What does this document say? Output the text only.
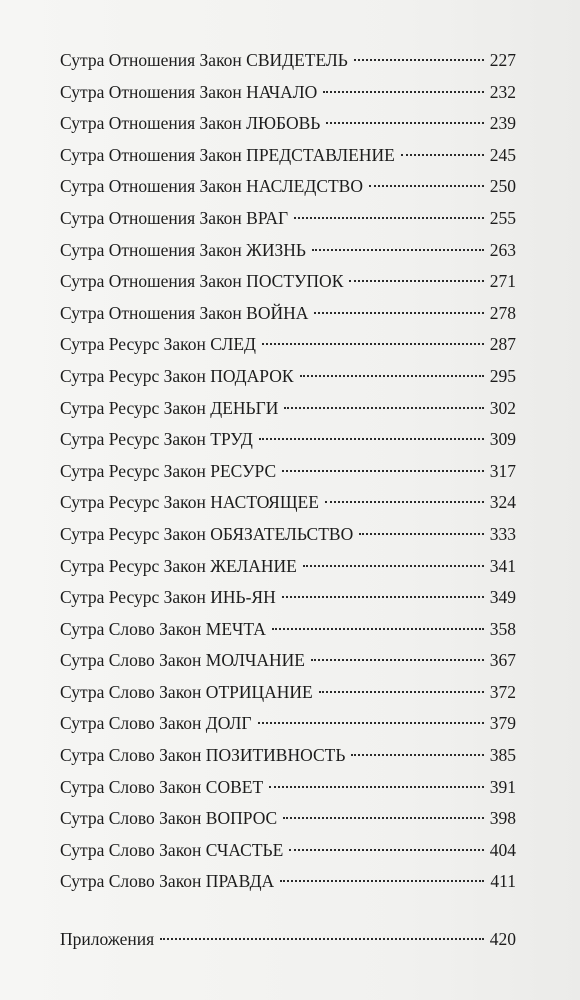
Сутра Отношения Закон СВИДЕТЕЛЬ	227
Сутра Отношения Закон НАЧАЛО	232
Сутра Отношения Закон ЛЮБОВЬ	239
Сутра Отношения Закон ПРЕДСТАВЛЕНИЕ	245
Сутра Отношения Закон НАСЛЕДСТВО	250
Сутра Отношения Закон ВРАГ	255
Сутра Отношения Закон ЖИЗНЬ	263
Сутра Отношения Закон ПОСТУПОК	271
Сутра Отношения Закон ВОЙНА	278
Сутра Ресурс Закон СЛЕД	287
Сутра Ресурс Закон ПОДАРОК	295
Сутра Ресурс Закон ДЕНЬГИ	302
Сутра Ресурс Закон ТРУД	309
Сутра Ресурс Закон РЕСУРС	317
Сутра Ресурс Закон НАСТОЯЩЕЕ	324
Сутра Ресурс Закон ОБЯЗАТЕЛЬСТВО	333
Сутра Ресурс Закон ЖЕЛАНИЕ	341
Сутра Ресурс Закон ИНЬ-ЯН	349
Сутра Слово Закон МЕЧТА	358
Сутра Слово Закон МОЛЧАНИЕ	367
Сутра Слово Закон ОТРИЦАНИЕ	372
Сутра Слово Закон ДОЛГ	379
Сутра Слово Закон ПОЗИТИВНОСТЬ	385
Сутра Слово Закон СОВЕТ	391
Сутра Слово Закон ВОПРОС	398
Сутра Слово Закон СЧАСТЬЕ	404
Сутра Слово Закон ПРАВДА	411
Приложения	420
